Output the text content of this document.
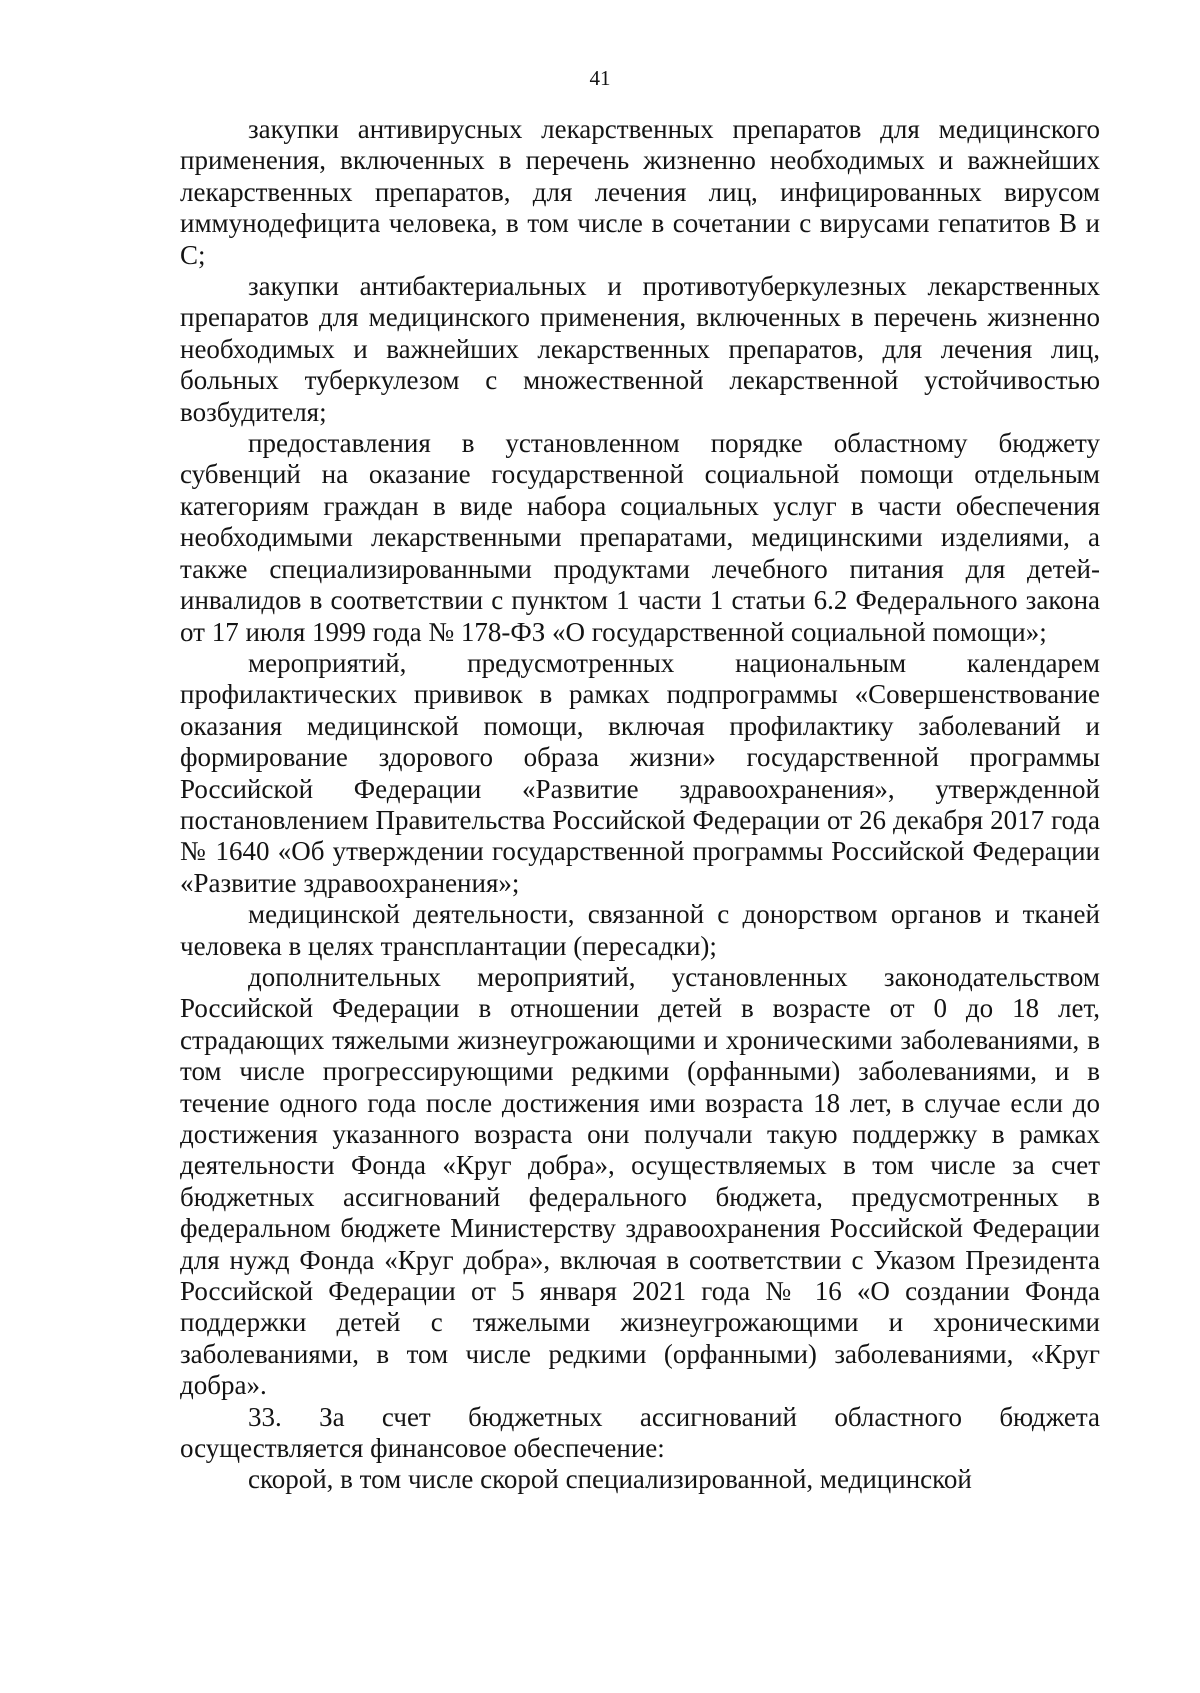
41

закупки антивирусных лекарственных препаратов для медицинского применения, включенных в перечень жизненно необходимых и важнейших лекарственных препаратов, для лечения лиц, инфицированных вирусом иммунодефицита человека, в том числе в сочетании с вирусами гепатитов B и C;

закупки антибактериальных и противотуберкулезных лекарственных препаратов для медицинского применения, включенных в перечень жизненно необходимых и важнейших лекарственных препаратов, для лечения лиц, больных туберкулезом с множественной лекарственной устойчивостью возбудителя;

предоставления в установленном порядке областному бюджету субвенций на оказание государственной социальной помощи отдельным категориям граждан в виде набора социальных услуг в части обеспечения необходимыми лекарственными препаратами, медицинскими изделиями, а также специализированными продуктами лечебного питания для детей-инвалидов в соответствии с пунктом 1 части 1 статьи 6.2 Федерального закона от 17 июля 1999 года № 178-ФЗ «О государственной социальной помощи»;

мероприятий, предусмотренных национальным календарем профилактических прививок в рамках подпрограммы «Совершенствование оказания медицинской помощи, включая профилактику заболеваний и формирование здорового образа жизни» государственной программы Российской Федерации «Развитие здравоохранения», утвержденной постановлением Правительства Российской Федерации от 26 декабря 2017 года № 1640 «Об утверждении государственной программы Российской Федерации «Развитие здравоохранения»;

медицинской деятельности, связанной с донорством органов и тканей человека в целях трансплантации (пересадки);

дополнительных мероприятий, установленных законодательством Российской Федерации в отношении детей в возрасте от 0 до 18 лет, страдающих тяжелыми жизнеугрожающими и хроническими заболеваниями, в том числе прогрессирующими редкими (орфанными) заболеваниями, и в течение одного года после достижения ими возраста 18 лет, в случае если до достижения указанного возраста они получали такую поддержку в рамках деятельности Фонда «Круг добра», осуществляемых в том числе за счет бюджетных ассигнований федерального бюджета, предусмотренных в федеральном бюджете Министерству здравоохранения Российской Федерации для нужд Фонда «Круг добра», включая в соответствии с Указом Президента Российской Федерации от 5 января 2021 года № 16 «О создании Фонда поддержки детей с тяжелыми жизнеугрожающими и хроническими заболеваниями, в том числе редкими (орфанными) заболеваниями, «Круг добра».

33. За счет бюджетных ассигнований областного бюджета осуществляется финансовое обеспечение:

скорой, в том числе скорой специализированной, медицинской
